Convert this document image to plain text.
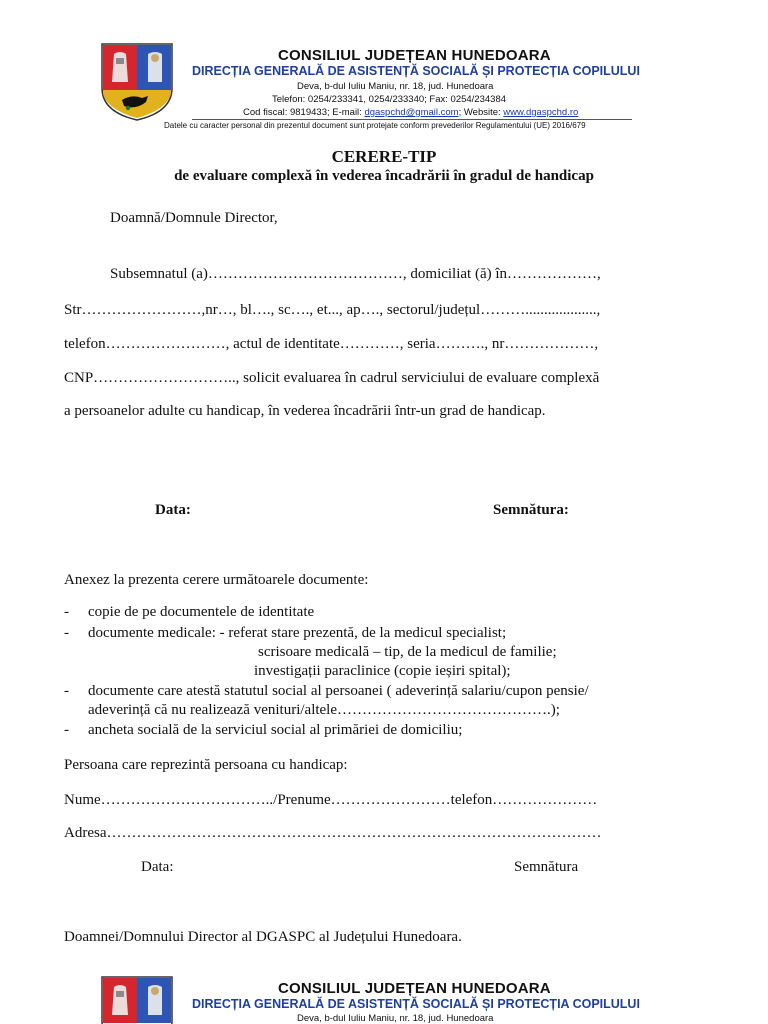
CONSILIUL JUDEȚEAN HUNEDOARA
DIRECȚIA GENERALĂ DE ASISTENȚĂ SOCIALĂ ȘI PROTECȚIA COPILULUI
Deva, b-dul Iuliu Maniu, nr. 18, jud. Hunedoara
Telefon: 0254/233341, 0254/233340; Fax: 0254/234384
Cod fiscal: 9819433; E-mail: dgaspchd@gmail.com; Website: www.dgaspchd.ro
Datele cu caracter personal din prezentul document sunt protejate conform prevederilor Regulamentului (UE) 2016/679
CERERE-TIP
de evaluare complexă în vederea încadrării în gradul de handicap
Doamnă/Domnule Director,
Subsemnatul (a)…………………………………, domiciliat (ă) în………………,
Str……………………,nr…, bl…., sc…., et..., ap…., sectorul/județul………...................,
telefon……………………, actul de identitate…………, seria………., nr………………,
CNP……………………….., solicit evaluarea în cadrul serviciului de evaluare complexă
a persoanelor adulte cu handicap, în vederea încadrării într-un grad de handicap.
Data:	Semnătura:
Anexez la prezenta cerere următoarele documente:
- copie de pe documentele de identitate
- documente medicale: - referat stare prezentă, de la medicul specialist;
scrisoare medicală – tip, de la medicul de familie;
investigații paraclinice (copie ieșiri spital);
- documente care atestă statutul social al persoanei ( adeverință salariu/cupon pensie/
adeverință că nu realizează venituri/altele…………………………………….);
- ancheta socială de la serviciul social al primăriei de domiciliu;
Persoana care reprezintă persoana cu handicap:
Nume……………………………../Prenume……………………telefon…………………
Adresa………………………………………………………………………………………
Data:	Semnătura
Doamnei/Domnului Director al DGASPC al Județului Hunedoara.
CONSILIUL JUDEȚEAN HUNEDOARA
DIRECȚIA GENERALĂ DE ASISTENȚĂ SOCIALĂ ȘI PROTECȚIA COPILULUI
Deva, b-dul Iuliu Maniu, nr. 18, jud. Hunedoara
